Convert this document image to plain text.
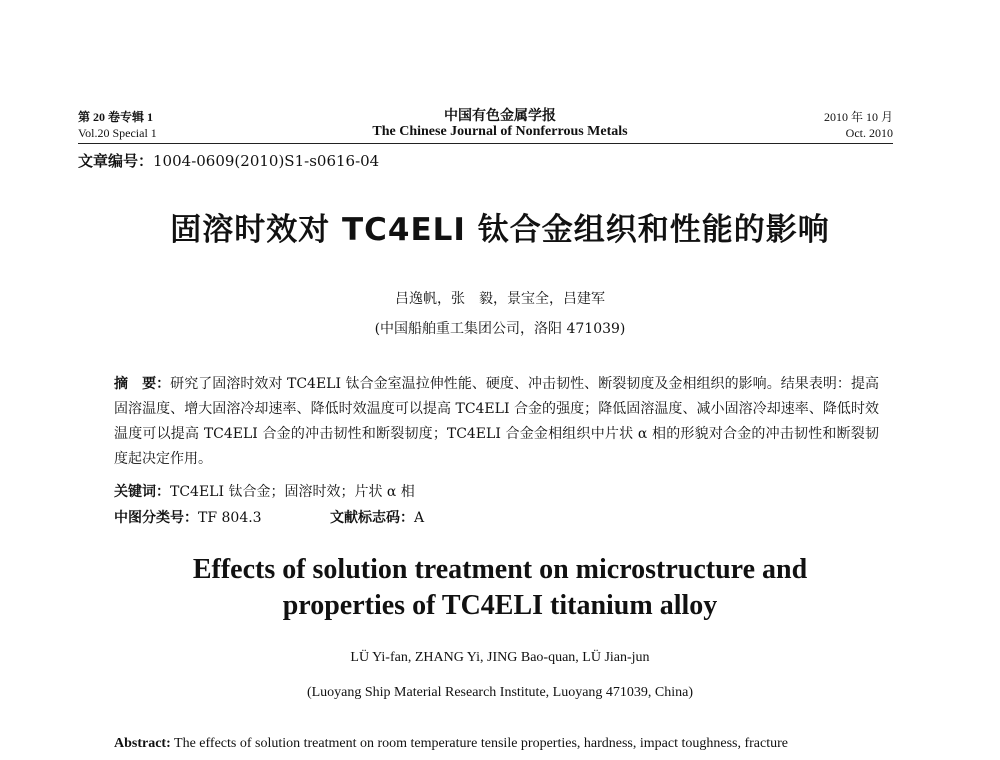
第 20 卷专辑 1
Vol.20 Special 1
中国有色金属学报
The Chinese Journal of Nonferrous Metals
2010 年 10 月
Oct. 2010
文章编号：1004-0609(2010)S1-s0616-04
固溶时效对 TC4ELI 钛合金组织和性能的影响
吕逸帆，张　毅，景宝全，吕建军
(中国船舶重工集团公司，洛阳 471039)
摘　要：研究了固溶时效对 TC4ELI 钛合金室温拉伸性能、硬度、冲击韧性、断裂韧度及金相组织的影响。结果表明：提高固溶温度、增大固溶冷却速率、降低时效温度可以提高 TC4ELI 合金的强度；降低固溶温度、减小固溶冷却速率、降低时效温度可以提高 TC4ELI 合金的冲击韧性和断裂韧度；TC4ELI 合金金相组织中片状 α 相的形貌对合金的冲击韧性和断裂韧度起决定作用。
关键词：TC4ELI 钛合金；固溶时效；片状 α 相
中图分类号：TF 804.3	文献标志码：A
Effects of solution treatment on microstructure and
properties of TC4ELI titanium alloy
LÜ Yi-fan, ZHANG Yi, JING Bao-quan, LÜ Jian-jun
(Luoyang Ship Material Research Institute, Luoyang 471039, China)
Abstract: The effects of solution treatment on room temperature tensile properties, hardness, impact toughness, fracture
